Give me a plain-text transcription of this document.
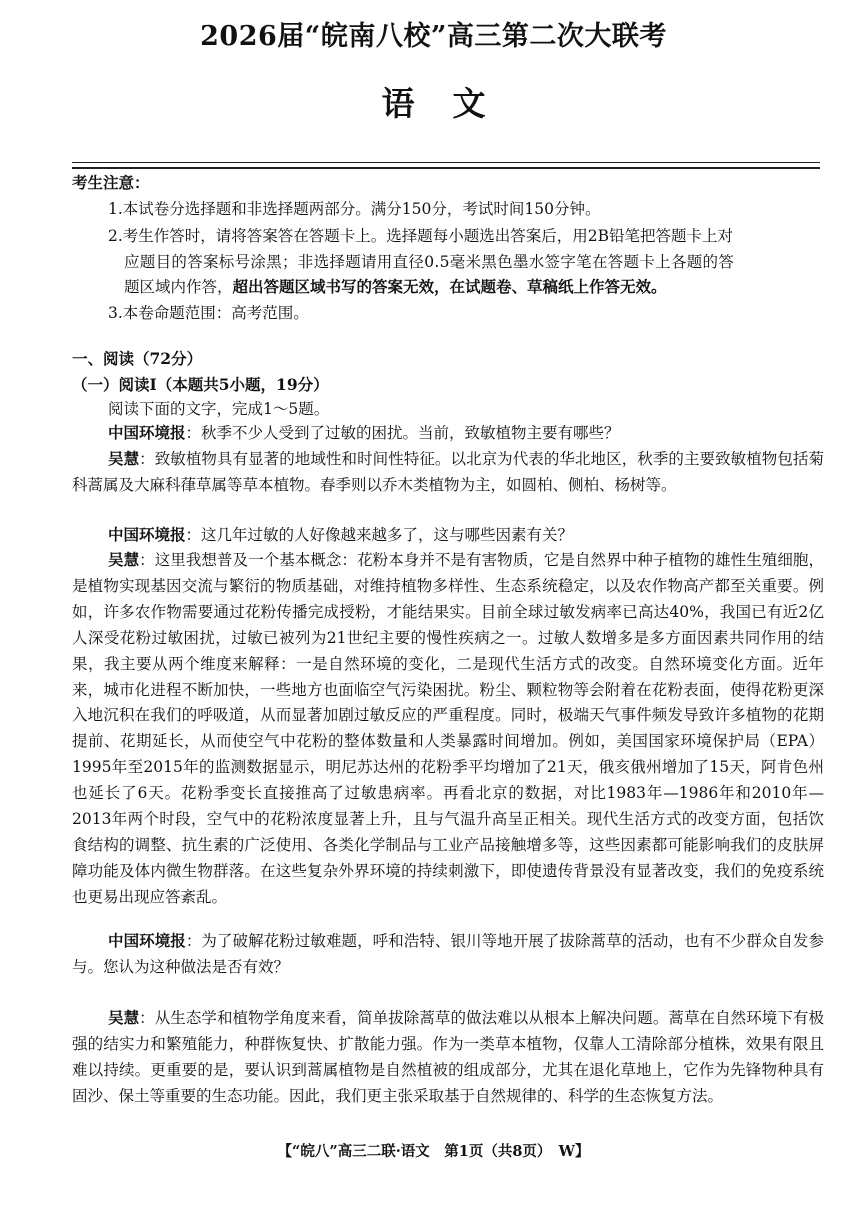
2026届“皖南八校”高三第二次大联考
语文
考生注意：
1.本试卷分选择题和非选择题两部分。满分150分，考试时间150分钟。
2.考生作答时，请将答案答在答题卡上。选择题每小题选出答案后，用2B铅笔把答题卡上对
应题目的答案标号涂黑；非选择题请用直径0.5毫米黑色墨水签字笔在答题卡上各题的答
题区域内作答，超出答题区域书写的答案无效，在试题卷、草稿纸上作答无效。
3.本卷命题范围：高考范围。
一、阅读（72分）
（一）阅读Ⅰ（本题共5小题，19分）
阅读下面的文字，完成1～5题。
中国环境报：秋季不少人受到了过敏的困扰。当前，致敏植物主要有哪些？
吴慧：致敏植物具有显著的地域性和时间性特征。以北京为代表的华北地区，秋季的主要致敏植物包括菊科蒿属及大麻科葎草属等草本植物。春季则以乔木类植物为主，如圆柏、侧柏、杨树等。
中国环境报：这几年过敏的人好像越来越多了，这与哪些因素有关？
吴慧：这里我想普及一个基本概念：花粉本身并不是有害物质，它是自然界中种子植物的雄性生殖细胞，是植物实现基因交流与繁衍的物质基础，对维持植物多样性、生态系统稳定，以及农作物高产都至关重要。例如，许多农作物需要通过花粉传播完成授粉，才能结果实。目前全球过敏发病率已高达40%，我国已有近2亿人深受花粉过敏困扰，过敏已被列为21世纪主要的慢性疾病之一。过敏人数增多是多方面因素共同作用的结果，我主要从两个维度来解释：一是自然环境的变化，二是现代生活方式的改变。自然环境变化方面。近年来，城市化进程不断加快，一些地方也面临空气污染困扰。粉尘、颗粒物等会附着在花粉表面，使得花粉更深入地沉积在我们的呼吸道，从而显著加剧过敏反应的严重程度。同时，极端天气事件频发导致许多植物的花期提前、花期延长，从而使空气中花粉的整体数量和人类暴露时间增加。例如，美国国家环境保护局（EPA）1995年至2015年的监测数据显示，明尼苏达州的花粉季平均增加了21天，俄亥俄州增加了15天，阿肯色州也延长了6天。花粉季变长直接推高了过敏患病率。再看北京的数据，对比1983年—1986年和2010年—2013年两个时段，空气中的花粉浓度显著上升，且与气温升高呈正相关。现代生活方式的改变方面，包括饮食结构的调整、抗生素的广泛使用、各类化学制品与工业产品接触增多等，这些因素都可能影响我们的皮肤屏障功能及体内微生物群落。在这些复杂外界环境的持续刺激下，即使遗传背景没有显著改变，我们的免疫系统也更易出现应答紊乱。
中国环境报：为了破解花粉过敏难题，呼和浩特、银川等地开展了拔除蒿草的活动，也有不少群众自发参与。您认为这种做法是否有效？
吴慧：从生态学和植物学角度来看，简单拔除蒿草的做法难以从根本上解决问题。蒿草在自然环境下有极强的结实力和繁殖能力，种群恢复快、扩散能力强。作为一类草本植物，仅靠人工清除部分植株，效果有限且难以持续。更重要的是，要认识到蒿属植物是自然植被的组成部分，尤其在退化草地上，它作为先锋物种具有固沙、保土等重要的生态功能。因此，我们更主张采取基于自然规律的、科学的生态恢复方法。
【“皖八”高三二联·语文　第1页（共8页）　W】
